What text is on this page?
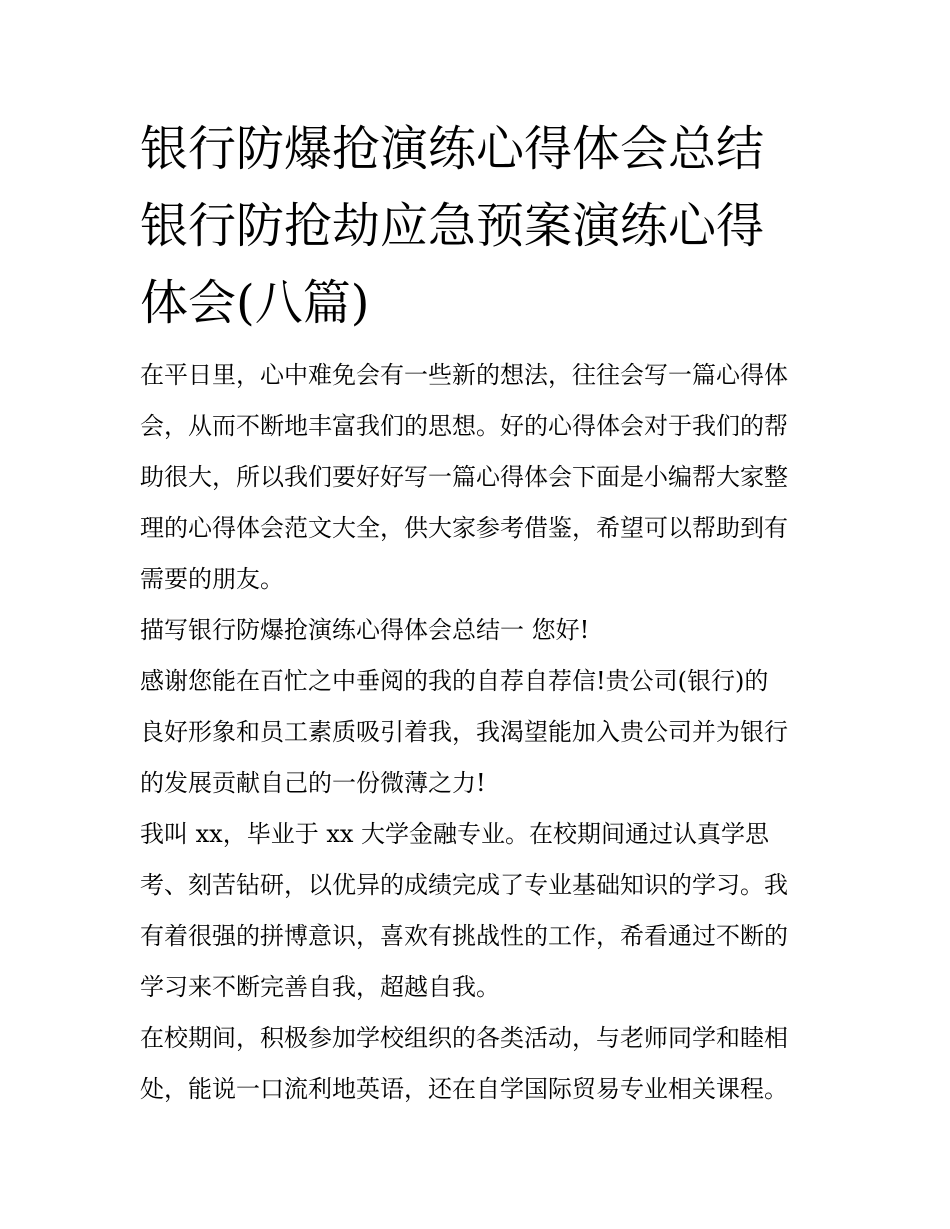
银行防爆抢演练心得体会总结
银行防抢劫应急预案演练心得
体会(八篇)
在平日里，心中难免会有一些新的想法，往往会写一篇心得体
会，从而不断地丰富我们的思想。好的心得体会对于我们的帮
助很大，所以我们要好好写一篇心得体会下面是小编帮大家整
理的心得体会范文大全，供大家参考借鉴，希望可以帮助到有
需要的朋友。
描写银行防爆抢演练心得体会总结一 您好!
感谢您能在百忙之中垂阅的我的自荐自荐信!贵公司(银行)的
良好形象和员工素质吸引着我，我渴望能加入贵公司并为银行
的发展贡献自己的一份微薄之力!
我叫 xx，毕业于 xx 大学金融专业。在校期间通过认真学思
考、刻苦钻研，以优异的成绩完成了专业基础知识的学习。我
有着很强的拼博意识，喜欢有挑战性的工作，希看通过不断的
学习来不断完善自我，超越自我。
在校期间，积极参加学校组织的各类活动，与老师同学和睦相
处，能说一口流利地英语，还在自学国际贸易专业相关课程。
